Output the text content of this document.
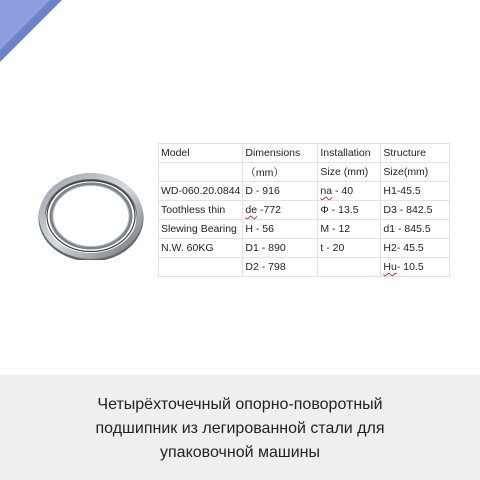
Model	Dimensions	Installation	Structure
	（mm）	Size (mm)	Size(mm)
WD-060.20.0844	D - 916	na - 40	H1-45.5
Toothless thin	de -772	Φ - 13.5	D3 - 842.5
Slewing Bearing	H - 56	M - 12	d1 - 845.5
N.W. 60KG	D1 - 890	t - 20	H2- 45.5
	D2 - 798		Hu- 10.5
Четырёхточечный опорно-поворотный
подшипник из легированной стали для
упаковочной машины
